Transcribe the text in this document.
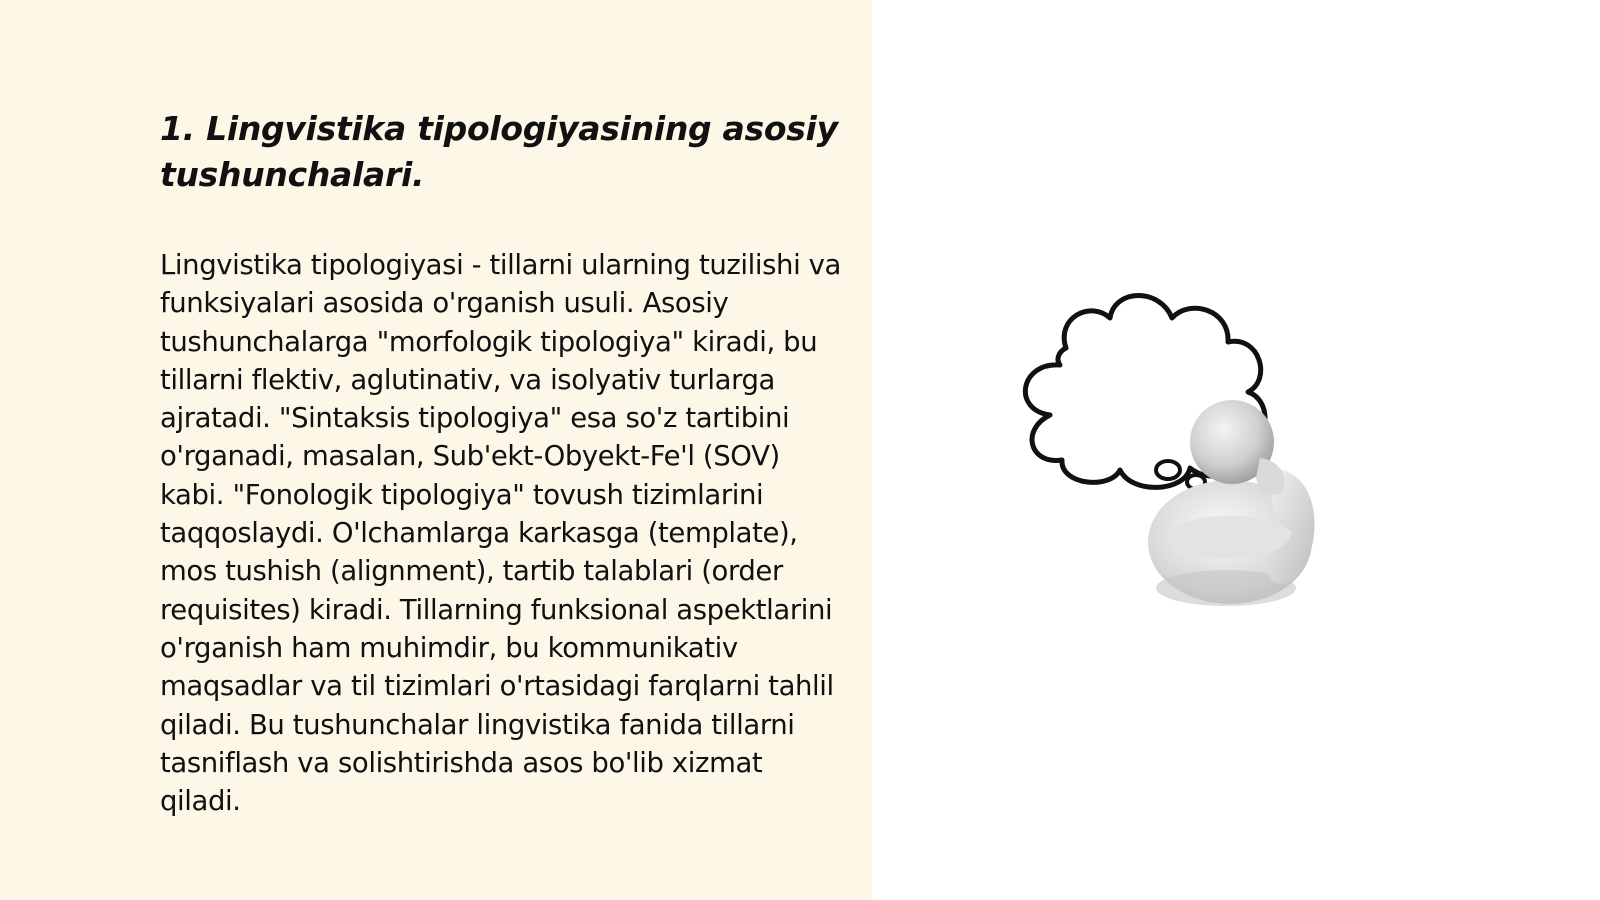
1. Lingvistika tipologiyasining asosiy tushunchalari.
Lingvistika tipologiyasi - tillarni ularning tuzilishi va funksiyalari asosida o'rganish usuli. Asosiy tushunchalarga "morfologik tipologiya" kiradi, bu tillarni flektiv, aglutinativ, va isolyativ turlarga ajratadi. "Sintaksis tipologiya" esa so'z tartibini o'rganadi, masalan, Sub'ekt-Obyekt-Fe'l (SOV) kabi. "Fonologik tipologiya" tovush tizimlarini taqqoslaydi. O'lchamlarga karkasga (template), mos tushish (alignment), tartib talablari (order requisites) kiradi. Tillarning funksional aspektlarini o'rganish ham muhimdir, bu kommunikativ maqsadlar va til tizimlari o'rtasidagi farqlarni tahlil qiladi. Bu tushunchalar lingvistika fanida tillarni tasniflash va solishtirishda asos bo'lib xizmat qiladi.
